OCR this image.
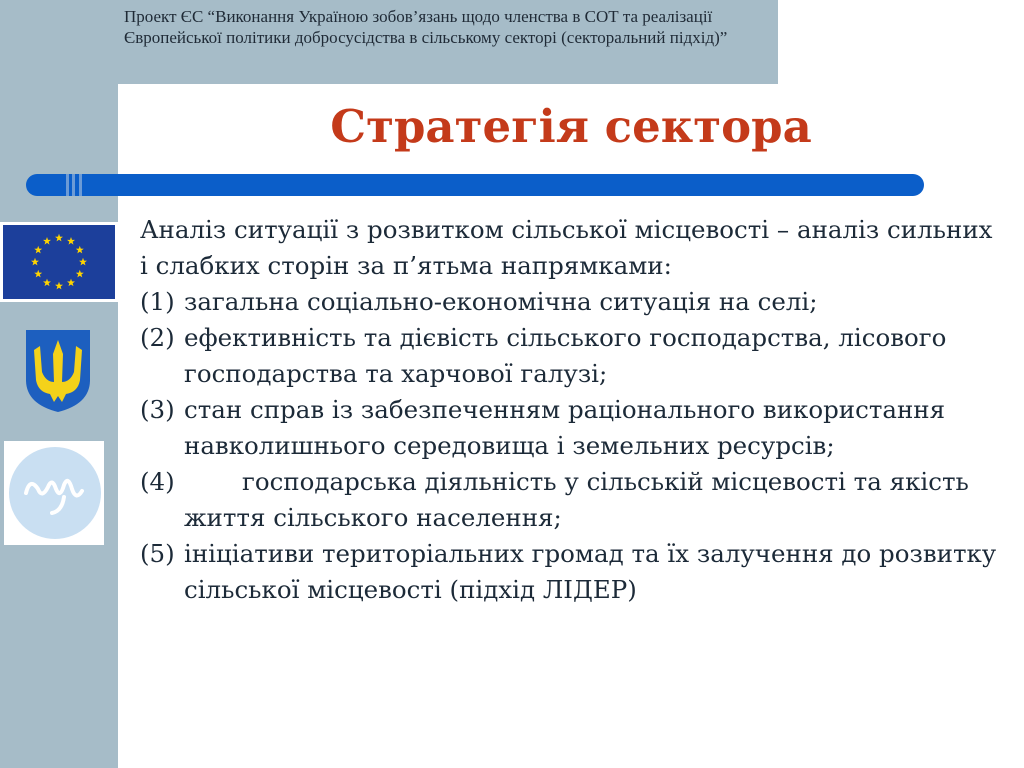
Проект ЄС “Виконання Україною зобов’язань щодо членства в СОТ та реалізації Європейської політики добросусідства в сільському секторі (секторальний підхід)”

Стратегія сектора

Аналіз ситуації з розвитком сільської місцевості – аналіз сильних і слабких сторін за п’ятьма напрямками:

(1) загальна соціально-економічна ситуація на селі;
(2) ефективність та дієвість сільського господарства, лісового господарства та харчової галузі;
(3) стан справ із забезпеченням раціонального використання навколишнього середовища і земельних ресурсів;
(4)	господарська діяльність у сільській місцевості та якість життя сільського населення;
(5) ініціативи територіальних громад та їх залучення до розвитку сільської місцевості (підхід ЛІДЕР)
